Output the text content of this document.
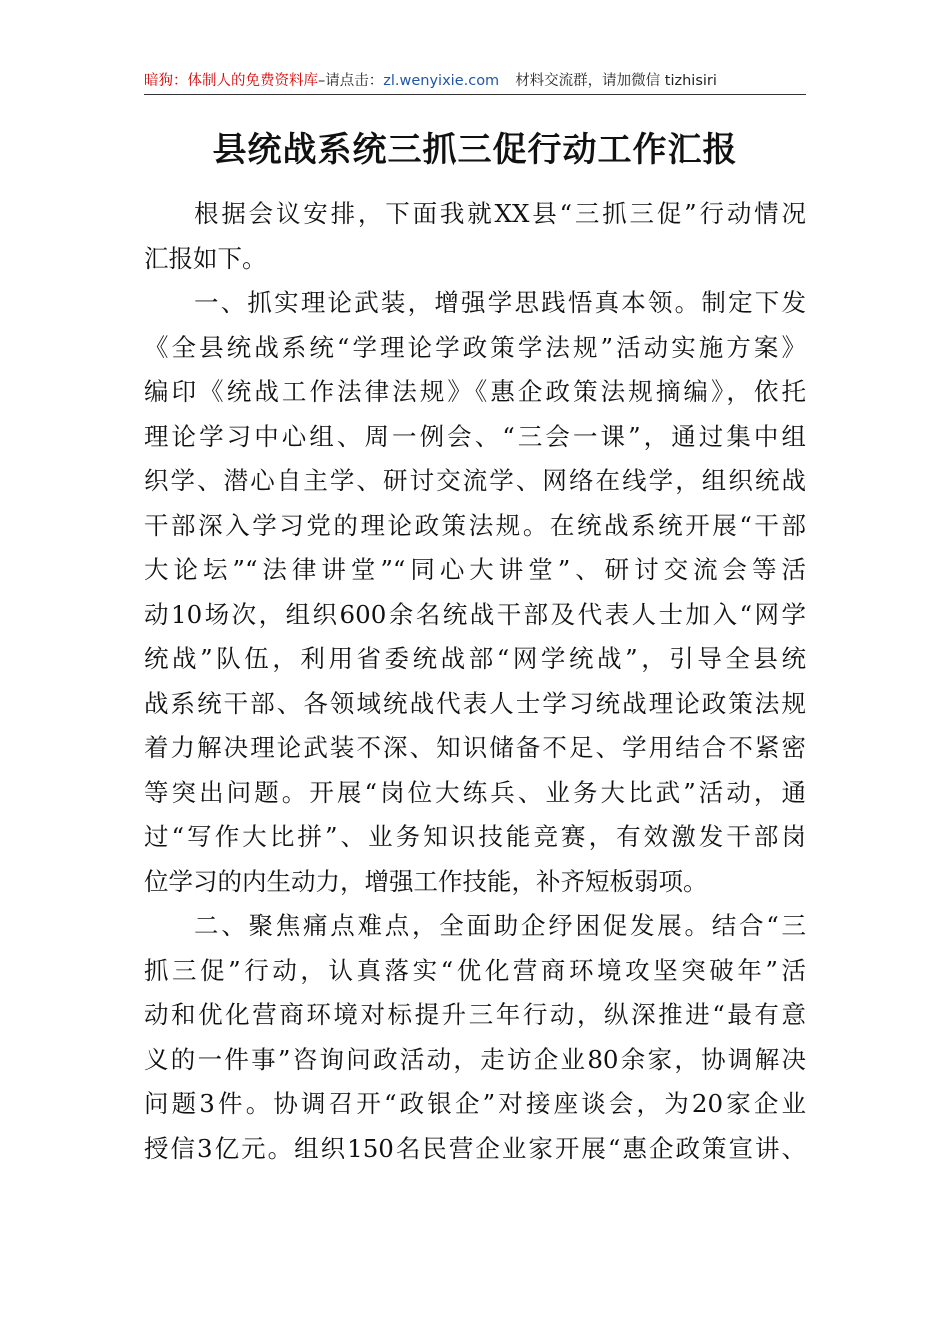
暗狗：体制人的免费资料库–请点击：zl.wenyixie.com 材料交流群，请加微信 tizhisiri
县统战系统三抓三促行动工作汇报
根据会议安排，下面我就XX县“三抓三促”行动情况
汇报如下。
一、抓实理论武装，增强学思践悟真本领。制定下发
《全县统战系统“学理论学政策学法规”活动实施方案》
编印《统战工作法律法规》《惠企政策法规摘编》，依托
理论学习中心组、周一例会、“三会一课”，通过集中组
织学、潜心自主学、研讨交流学、网络在线学，组织统战
干部深入学习党的理论政策法规。在统战系统开展“干部
大论坛”“法律讲堂”“同心大讲堂”、研讨交流会等活
动10场次，组织600余名统战干部及代表人士加入“网学
统战”队伍，利用省委统战部“网学统战”，引导全县统
战系统干部、各领域统战代表人士学习统战理论政策法规
着力解决理论武装不深、知识储备不足、学用结合不紧密
等突出问题。开展“岗位大练兵、业务大比武”活动，通
过“写作大比拼”、业务知识技能竞赛，有效激发干部岗
位学习的内生动力，增强工作技能，补齐短板弱项。
二、聚焦痛点难点，全面助企纾困促发展。结合“三
抓三促”行动，认真落实“优化营商环境攻坚突破年”活
动和优化营商环境对标提升三年行动，纵深推进“最有意
义的一件事”咨询问政活动，走访企业80余家，协调解决
问题3件。协调召开“政银企”对接座谈会，为20家企业
授信3亿元。组织150名民营企业家开展“惠企政策宣讲、
